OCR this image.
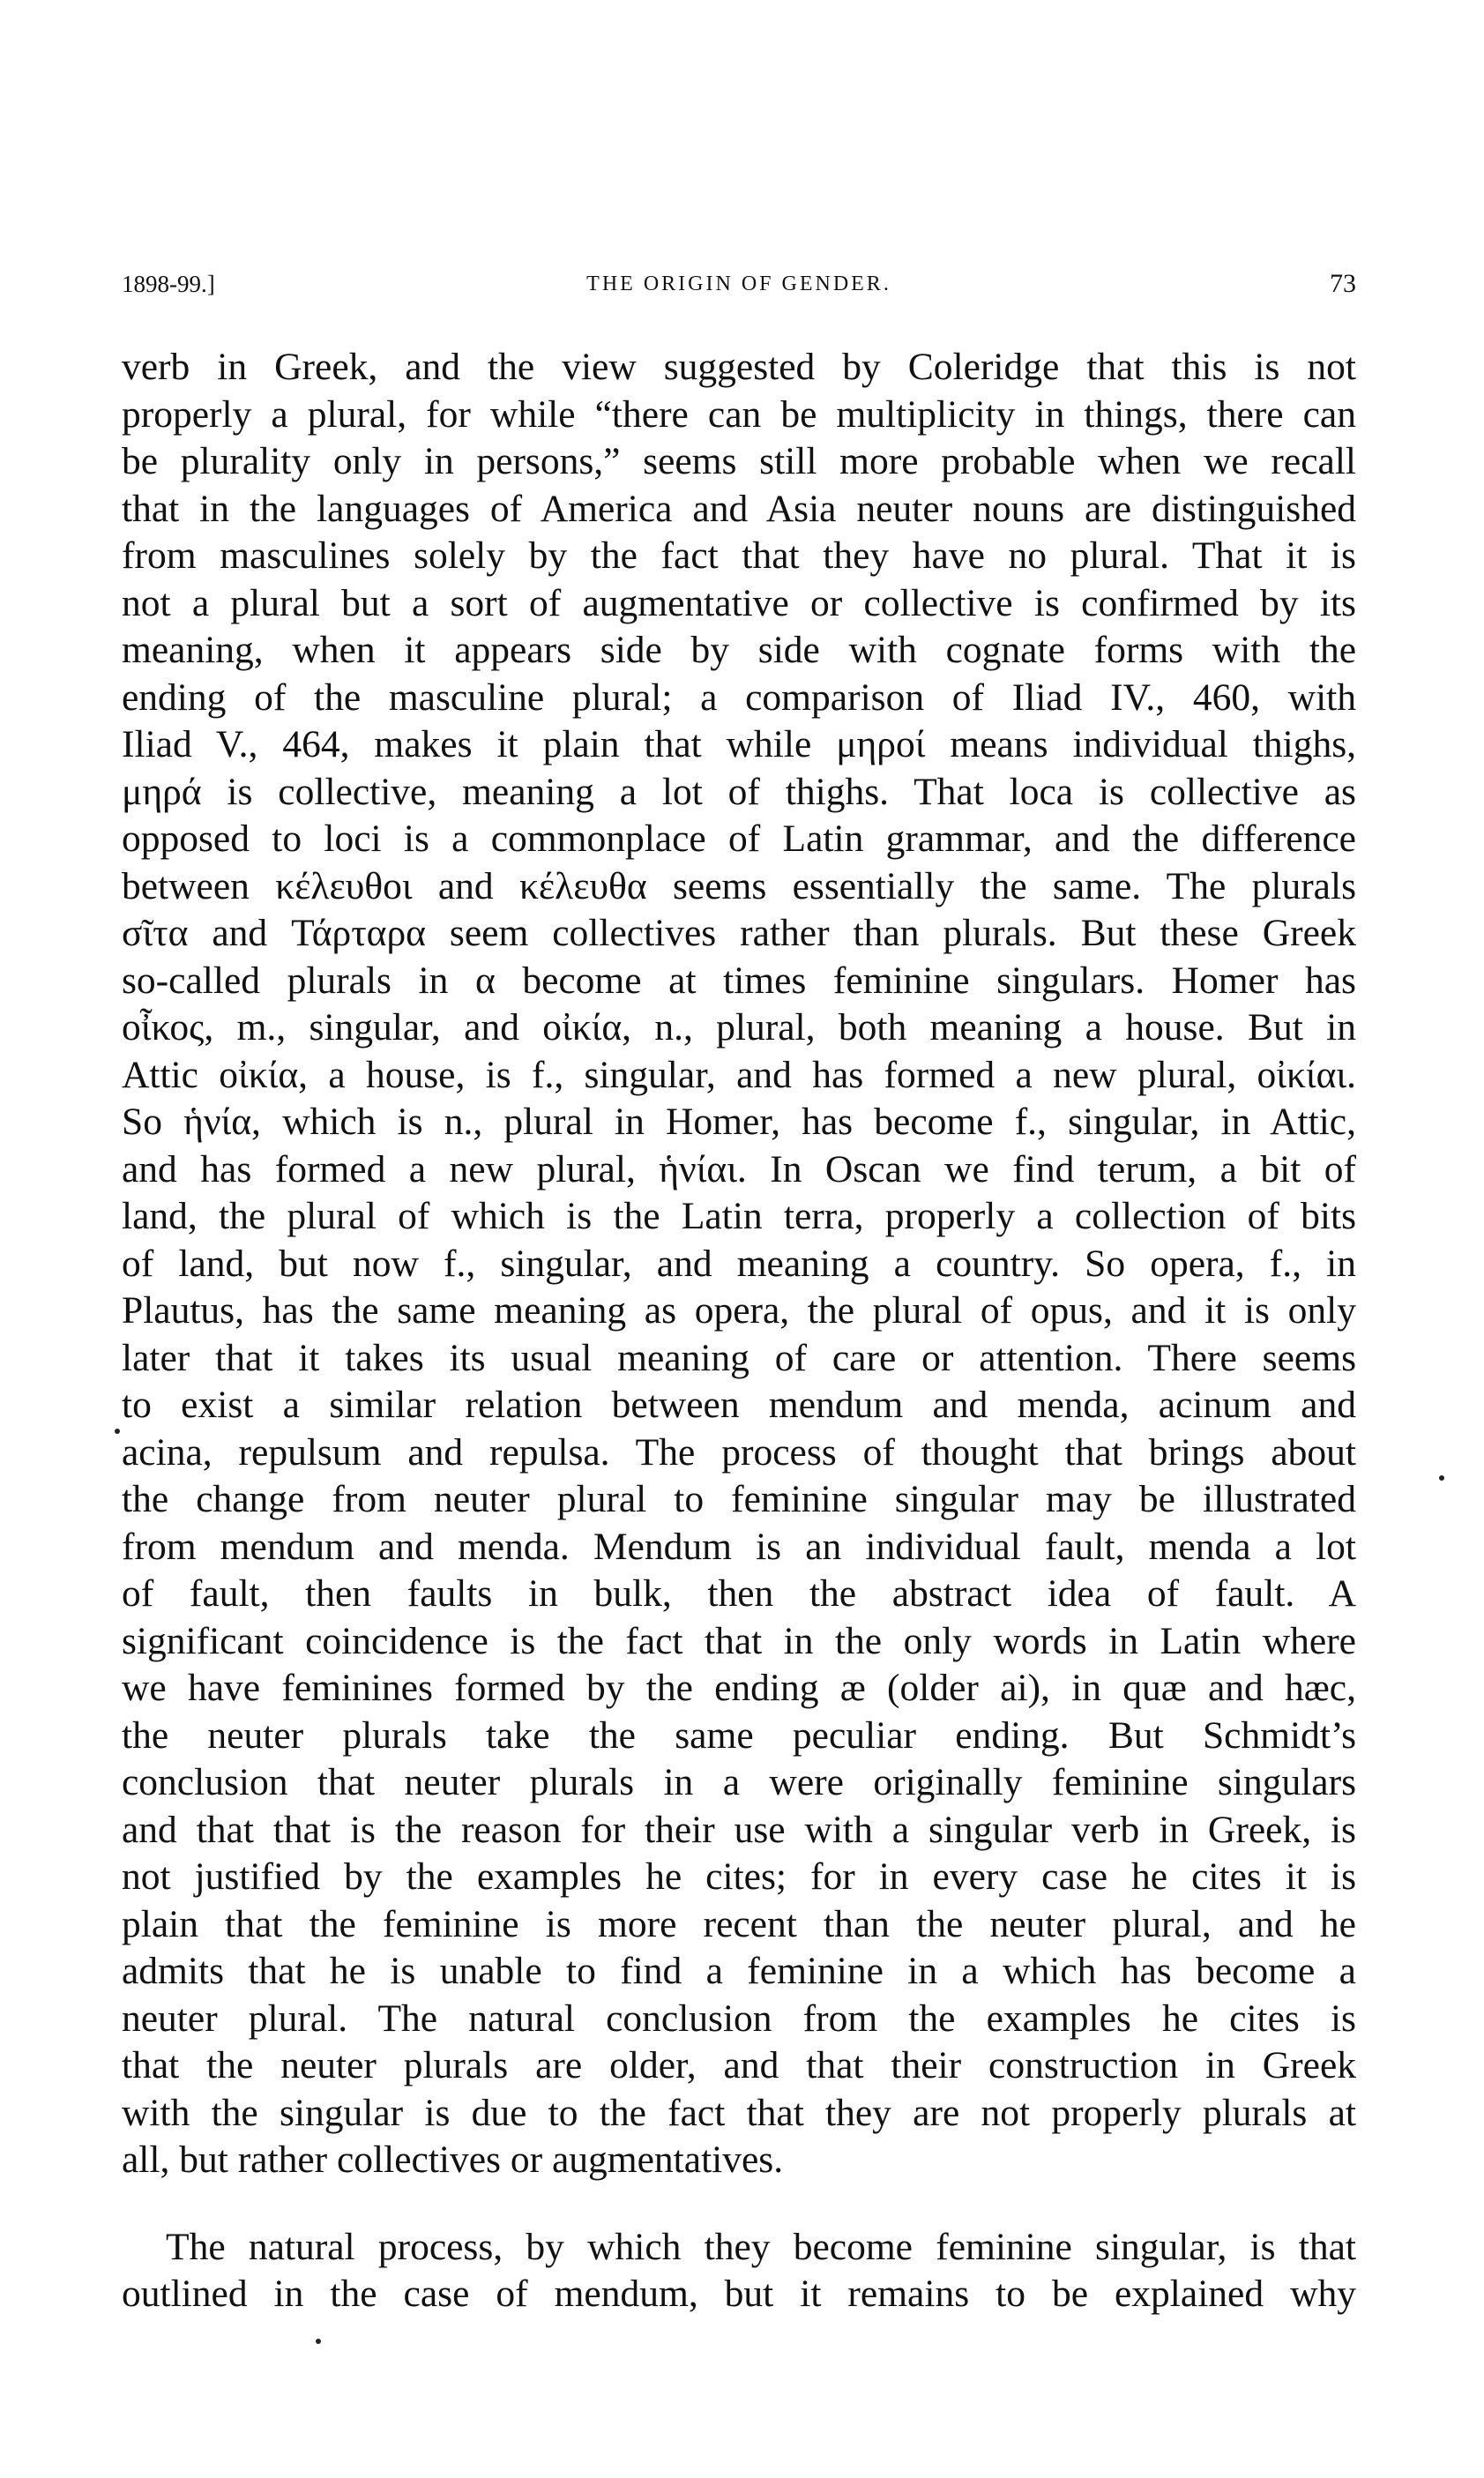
1898-99.]	THE ORIGIN OF GENDER.	73
verb in Greek, and the view suggested by Coleridge that this is not
properly a plural, for while “there can be multiplicity in things, there can
be plurality only in persons,” seems still more probable when we recall
that in the languages of America and Asia neuter nouns are distinguished
from masculines solely by the fact that they have no plural. That it is
not a plural but a sort of augmentative or collective is confirmed by its
meaning, when it appears side by side with cognate forms with the
ending of the masculine plural; a comparison of Iliad IV., 460, with
Iliad V., 464, makes it plain that while μηροί means individual thighs,
μηρά is collective, meaning a lot of thighs. That loca is collective as
opposed to loci is a commonplace of Latin grammar, and the difference
between κέλευθοι and κέλευθα seems essentially the same. The plurals
σῖτα and Τάρταρα seem collectives rather than plurals. But these Greek
so-called plurals in α become at times feminine singulars. Homer has
οἶκος, m., singular, and οἰκία, n., plural, both meaning a house. But in
Attic οἰκία, a house, is f., singular, and has formed a new plural, οἰκίαι.
So ἡνία, which is n., plural in Homer, has become f., singular, in Attic,
and has formed a new plural, ἡνίαι. In Oscan we find terum, a bit of
land, the plural of which is the Latin terra, properly a collection of bits
of land, but now f., singular, and meaning a country. So opera, f., in
Plautus, has the same meaning as opera, the plural of opus, and it is only
later that it takes its usual meaning of care or attention. There seems
to exist a similar relation between mendum and menda, acinum and
acina, repulsum and repulsa. The process of thought that brings about
the change from neuter plural to feminine singular may be illustrated
from mendum and menda. Mendum is an individual fault, menda a lot
of fault, then faults in bulk, then the abstract idea of fault. A
significant coincidence is the fact that in the only words in Latin where
we have feminines formed by the ending æ (older ai), in quæ and hæc,
the neuter plurals take the same peculiar ending. But Schmidt’s
conclusion that neuter plurals in a were originally feminine singulars
and that that is the reason for their use with a singular verb in Greek, is
not justified by the examples he cites; for in every case he cites it is
plain that the feminine is more recent than the neuter plural, and he
admits that he is unable to find a feminine in a which has become a
neuter plural. The natural conclusion from the examples he cites is
that the neuter plurals are older, and that their construction in Greek
with the singular is due to the fact that they are not properly plurals at
all, but rather collectives or augmentatives.
The natural process, by which they become feminine singular, is that
outlined in the case of mendum, but it remains to be explained why
